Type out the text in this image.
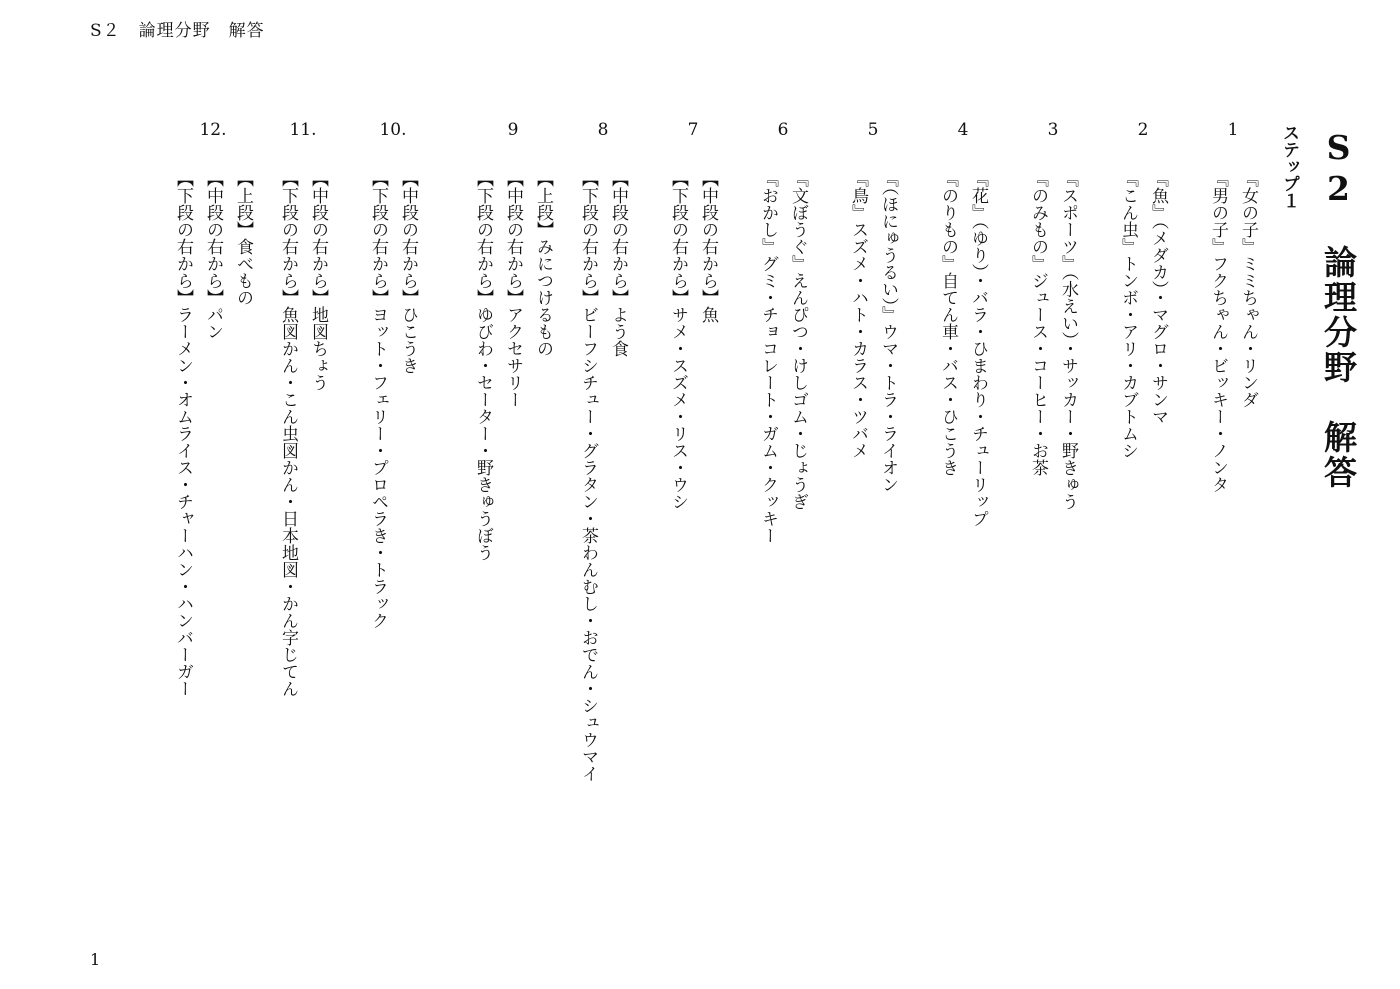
S２　論理分野　解答
S2　論理分野　解答
ステップ１
1
『女の子』ミミちゃん・リンダ
『男の子』フクちゃん・ビッキー・ノンタ
2
『魚』（メダカ）・マグロ・サンマ
『こん虫』トンボ・アリ・カブトムシ
3
『スポーツ』（水えい）・サッカー・野きゅう
『のみもの』ジュース・コーヒー・お茶
4
『花』（ゆり）・バラ・ひまわり・チューリップ
『のりもの』自てん車・バス・ひこうき
5
『（ほにゅうるい）』ウマ・トラ・ライオン
『鳥』スズメ・ハト・カラス・ツバメ
6
『文ぼうぐ』えんぴつ・けしゴム・じょうぎ
『おかし』グミ・チョコレート・ガム・クッキー
7
【中段の右から】魚
【下段の右から】サメ・スズメ・リス・ウシ
8
【中段の右から】よう食
【下段の右から】ビーフシチュー・グラタン・茶わんむし・おでん・シュウマイ
9
【上段】みにつけるもの
【中段の右から】アクセサリー
【下段の右から】ゆびわ・セーター・野きゅうぼう
10.
【中段の右から】ひこうき
【下段の右から】ヨット・フェリー・プロペラき・トラック
11.
【中段の右から】地図ちょう
【下段の右から】魚図かん・こん虫図かん・日本地図・かん字じてん
12.
【上段】食べもの
【中段の右から】パン
【下段の右から】ラーメン・オムライス・チャーハン・ハンバーガー
1
